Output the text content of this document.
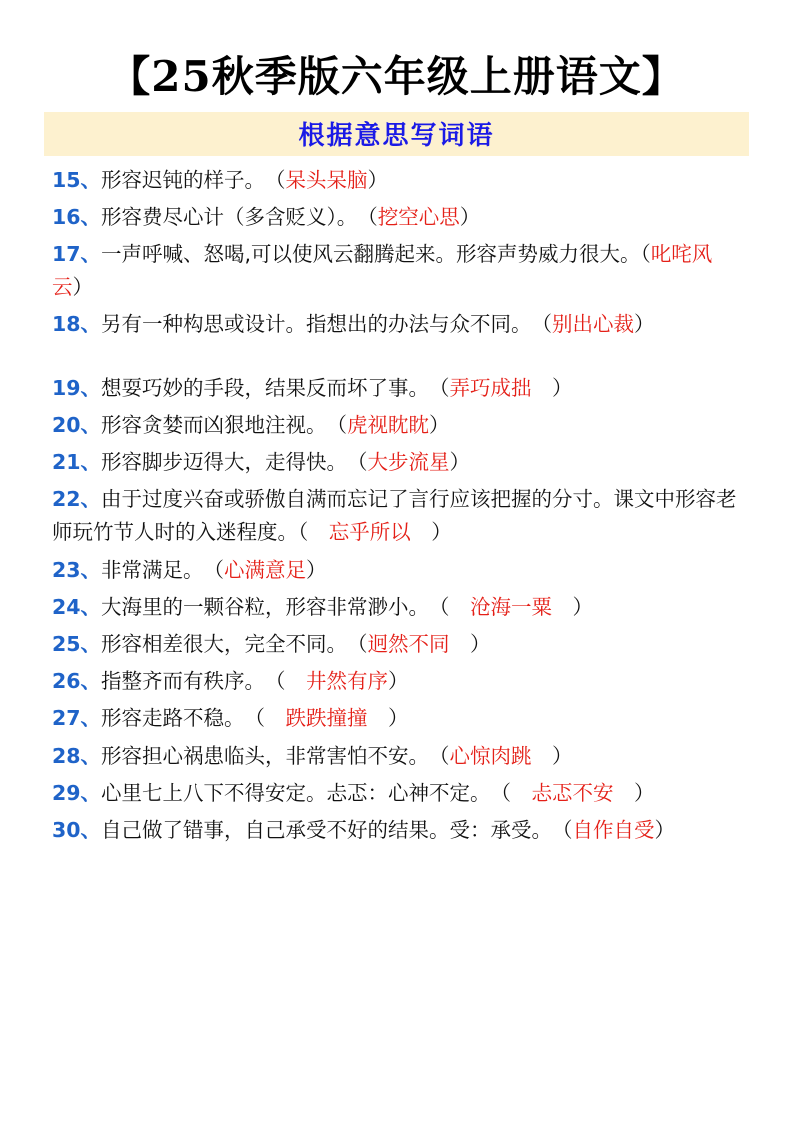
【25秋季版六年级上册语文】
根据意思写词语

15、形容迟钝的样子。　（呆头呆脑）

16、形容费尽心计（多含贬义）。　（挖空心思）

17、一声呼喊、怒喝,可以使风云翻腾起来。形容声势威力很大。（叱咤风云）

18、另有一种构思或设计。指想出的办法与众不同。　（别出心裁）

19、想耍巧妙的手段，结果反而坏了事。　（弄巧成拙　）

20、形容贪婪而凶狠地注视。　（虎视眈眈）

21、形容脚步迈得大，走得快。　（大步流星）

22、由于过度兴奋或骄傲自满而忘记了言行应该把握的分寸。课文中形容老师玩竹节人时的入迷程度。（　忘乎所以　）

23、非常满足。　（心满意足）

24、大海里的一颗谷粒，形容非常渺小。　（　沧海一粟　）

25、形容相差很大，完全不同。　（迥然不同　）

26、指整齐而有秩序。　（　井然有序）

27、形容走路不稳。　（　跌跌撞撞　）

28、形容担心祸患临头，非常害怕不安。　（心惊肉跳　）

29、心里七上八下不得安定。忐忑：心神不定。　（　忐忑不安　）

30、自己做了错事，自己承受不好的结果。受：承受。　（自作自受）
